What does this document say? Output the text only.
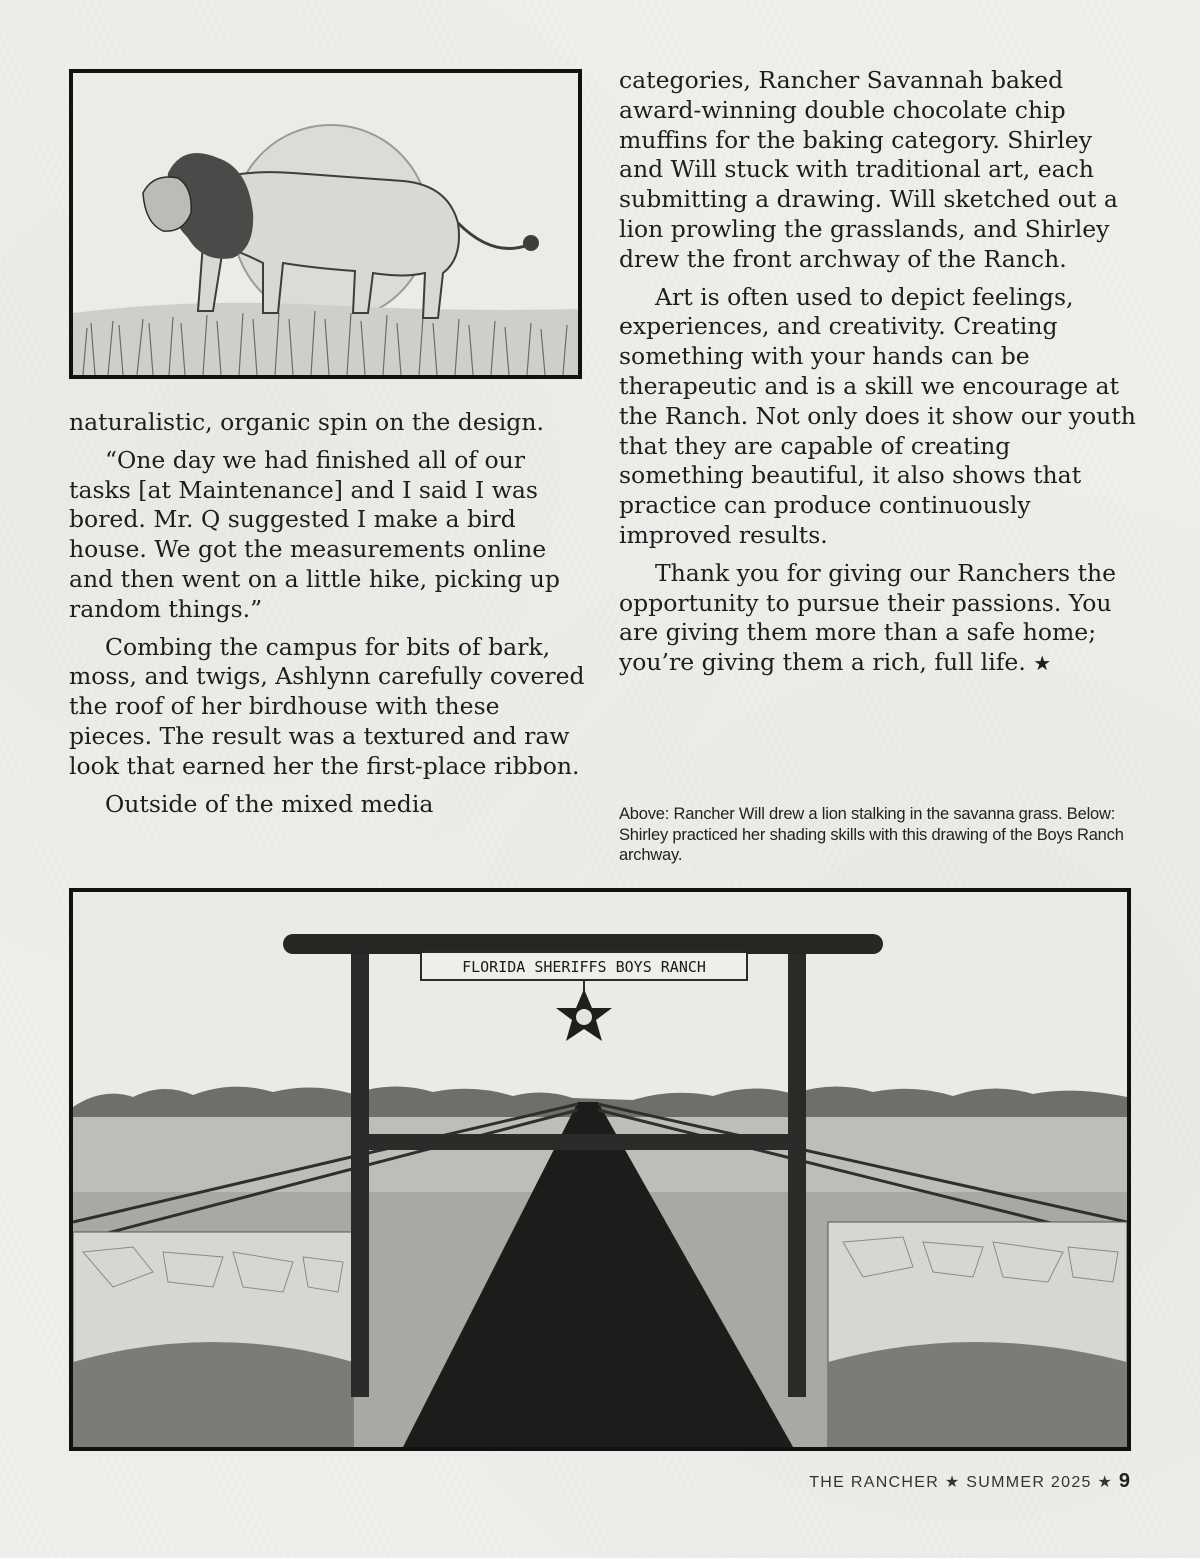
naturalistic, organic spin on the design.

“One day we had finished all of our tasks [at Maintenance] and I said I was bored. Mr. Q suggested I make a bird house. We got the measurements online and then went on a little hike, picking up random things.”

Combing the campus for bits of bark, moss, and twigs, Ashlynn carefully covered the roof of her birdhouse with these pieces. The result was a textured and raw look that earned her the first-place ribbon.

Outside of the mixed media

categories, Rancher Savannah baked award-winning double chocolate chip muffins for the baking category. Shirley and Will stuck with traditional art, each submitting a drawing. Will sketched out a lion prowling the grasslands, and Shirley drew the front archway of the Ranch.

Art is often used to depict feelings, experiences, and creativity. Creating something with your hands can be therapeutic and is a skill we encourage at the Ranch. Not only does it show our youth that they are capable of creating something beautiful, it also shows that practice can produce continuously improved results.

Thank you for giving our Ranchers the opportunity to pursue their passions. You are giving them more than a safe home; you’re giving them a rich, full life. ★

Above: Rancher Will drew a lion stalking in the savanna grass. Below: Shirley practiced her shading skills with this drawing of the Boys Ranch archway.
FLORIDA SHERIFFS BOYS RANCH
THE RANCHER ★ SUMMER 2025 ★ 9
